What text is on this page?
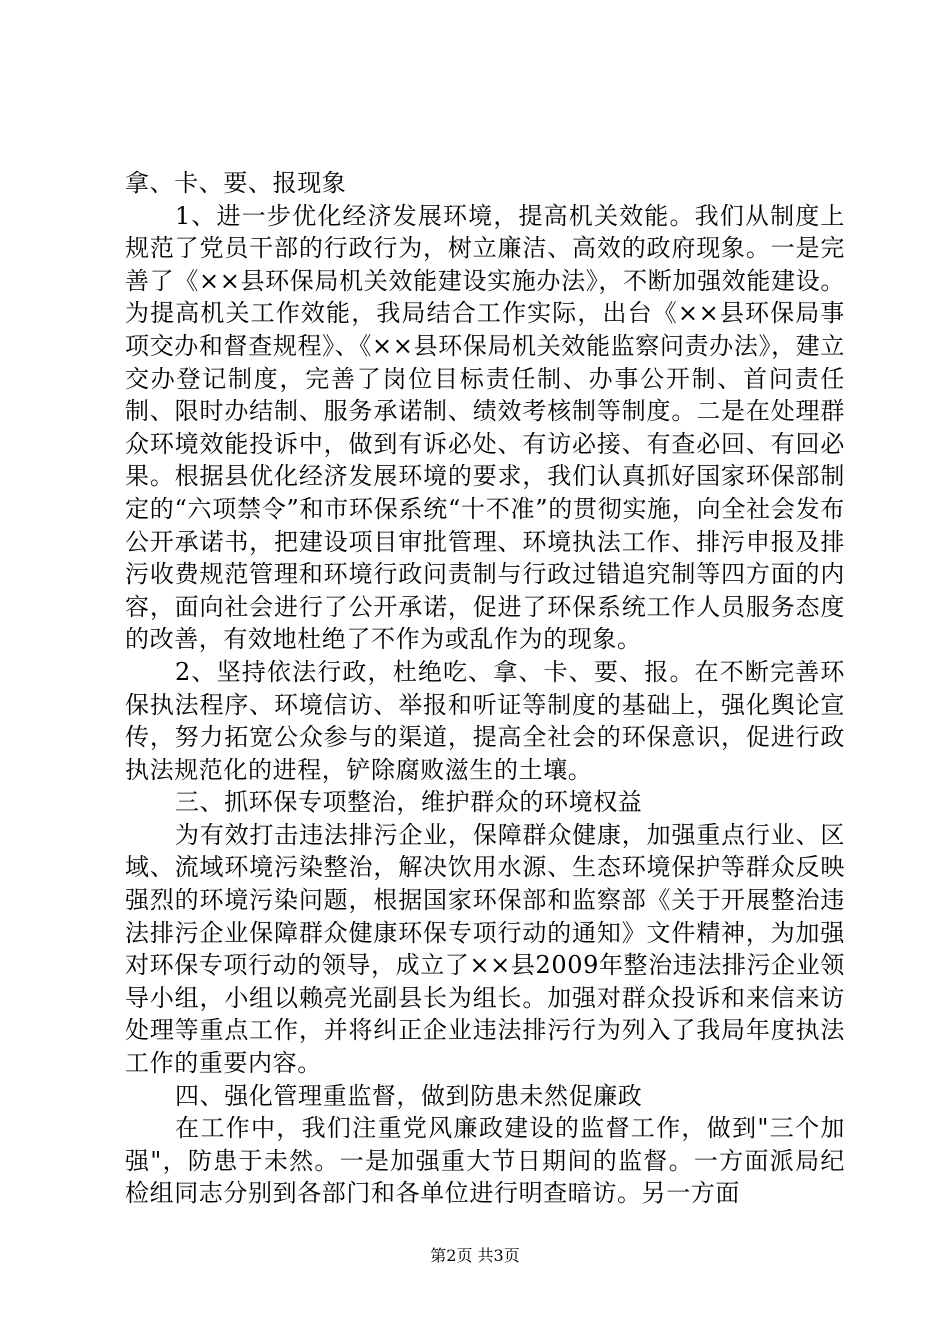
拿、卡、要、报现象

1、进一步优化经济发展环境，提高机关效能。我们从制度上规范了党员干部的行政行为，树立廉洁、高效的政府现象。一是完善了《××县环保局机关效能建设实施办法》，不断加强效能建设。为提高机关工作效能，我局结合工作实际，出台《××县环保局事项交办和督查规程》、《××县环保局机关效能监察问责办法》，建立交办登记制度，完善了岗位目标责任制、办事公开制、首问责任制、限时办结制、服务承诺制、绩效考核制等制度。二是在处理群众环境效能投诉中，做到有诉必处、有访必接、有查必回、有回必果。根据县优化经济发展环境的要求，我们认真抓好国家环保部制定的“六项禁令”和市环保系统“十不准”的贯彻实施，向全社会发布公开承诺书，把建设项目审批管理、环境执法工作、排污申报及排污收费规范管理和环境行政问责制与行政过错追究制等四方面的内容，面向社会进行了公开承诺，促进了环保系统工作人员服务态度的改善，有效地杜绝了不作为或乱作为的现象。

2、坚持依法行政，杜绝吃、拿、卡、要、报。在不断完善环保执法程序、环境信访、举报和听证等制度的基础上，强化舆论宣传，努力拓宽公众参与的渠道，提高全社会的环保意识，促进行政执法规范化的进程，铲除腐败滋生的土壤。

三、抓环保专项整治，维护群众的环境权益

为有效打击违法排污企业，保障群众健康，加强重点行业、区域、流域环境污染整治，解决饮用水源、生态环境保护等群众反映强烈的环境污染问题，根据国家环保部和监察部《关于开展整治违法排污企业保障群众健康环保专项行动的通知》文件精神，为加强对环保专项行动的领导，成立了××县2009年整治违法排污企业领导小组，小组以赖亮光副县长为组长。加强对群众投诉和来信来访处理等重点工作，并将纠正企业违法排污行为列入了我局年度执法工作的重要内容。

四、强化管理重监督，做到防患未然促廉政

在工作中，我们注重党风廉政建设的监督工作，做到"三个加强"，防患于未然。一是加强重大节日期间的监督。一方面派局纪检组同志分别到各部门和各单位进行明查暗访。另一方面

第2页 共3页
